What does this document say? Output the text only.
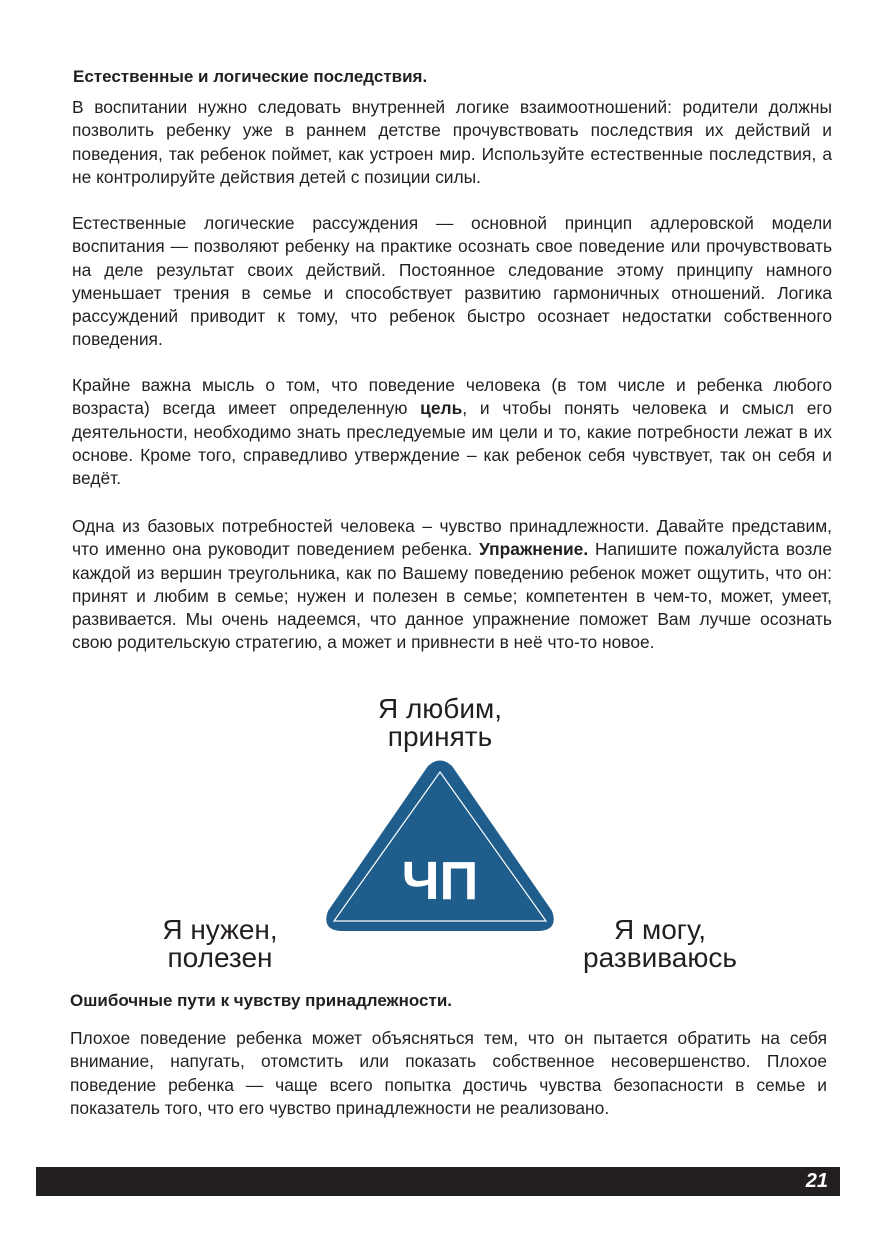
Естественные и логические последствия.

В воспитании нужно следовать внутренней логике взаимоотношений: родители должны позволить ребенку уже в раннем детстве прочувствовать последствия их действий и поведения, так ребенок поймет, как устроен мир. Используйте естественные последствия, а не контролируйте действия детей с позиции силы.

Естественные логические рассуждения — основной принцип адлеровской модели воспитания — позволяют ребенку на практике осознать свое поведение или прочувствовать на деле результат своих действий. Постоянное следование этому принципу намного уменьшает трения в семье и способствует развитию гармоничных отношений. Логика рассуждений приводит к тому, что ребенок быстро осознает недостатки собственного поведения.

Крайне важна мысль о том, что поведение человека (в том числе и ребенка любого возраста) всегда имеет определенную цель, и чтобы понять человека и смысл его деятельности, необходимо знать преследуемые им цели и то, какие потребности лежат в их основе. Кроме того, справедливо утверждение – как ребенок себя чувствует, так он себя и ведёт.

Одна из базовых потребностей человека – чувство принадлежности. Давайте представим, что именно она руководит поведением ребенка. Упражнение. Напишите пожалуйста возле каждой из вершин треугольника, как по Вашему поведению ребенок может ощутить, что он: принят и любим в семье; нужен и полезен в семье; компетентен в чем-то, может, умеет, развивается. Мы очень надеемся, что данное упражнение поможет Вам лучше осознать свою родительскую стратегию, а может и привнести в неё что-то новое.

Я любим,
принять
ЧП
Я нужен,
полезен
Я могу,
развиваюсь
Ошибочные пути к чувству принадлежности.

Плохое поведение ребенка может объясняться тем, что он пытается обратить на себя внимание, напугать, отомстить или показать собственное несовершенство. Плохое поведение ребенка — чаще всего попытка достичь чувства безопасности в семье и показатель того, что его чувство принадлежности не реализовано.

21
